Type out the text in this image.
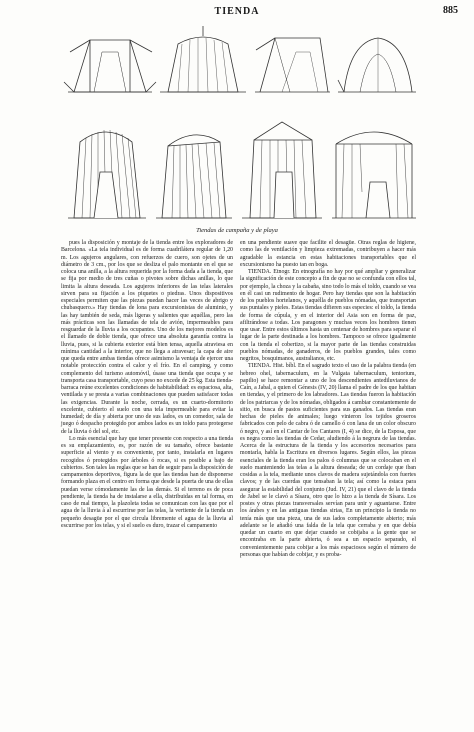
TIENDA	885
Tiendas de campaña y de playa

pues la disposición y montaje de la tienda entre los exploradores de Barcelona. «La tela individual es de forma cuadrilátera regular de 1,20 m. Los agujeros angulares, con refuerzos de cuero, son ojetes de un diámetro de 3 cm., por los que se desliza el palo montante en el que se coloca una anilla, a la altura requerida por la forma dada a la tienda, que se fija por medio de tres cuñas o pivotes sobre dichas anillas, lo que limita la altura deseada. Los agujeros inferiores de las telas laterales sirven para su fijación a los piquetes o piedras. Unos dispositivos especiales permiten que las piezas puedan hacer las veces de abrigo y chubasquero.» Hay tiendas de lona para excursionistas de aluminio, y las hay también de seda, más ligeras y salientes que aquéllas, pero las más prácticas son las llamadas de tela de avión, impermeables para resguardar de la lluvia a los ocupantes. Uno de los mejores modelos es el llamado de doble tienda, que ofrece una absoluta garantía contra la lluvia, pues, si la cubierta exterior está bien tensa, aquella atraviesa en mínima cantidad a la interior, que no llega a atravesar; la capa de aire que queda entre ambas tiendas ofrece asimismo la ventaja de ejercer una notable protección contra el calor y el frío. En el camping, y como complemento del turismo automóvil, úsase una tienda que ocupa y se transporta casa transportable, cuyo peso no excede de 25 kg. Esta tienda-barraca reúne excelentes condiciones de habitabilidad: es espaciosa, alta, ventilada y se presta a varias combinaciones que pueden satisfacer todas las exigencias. Durante la noche, cerrada, es un cuarto-dormitorio excelente, cubierto el suelo con una tela impermeable para evitar la humedad; de día y abierta por uno de sus lados, es un comedor, sala de juego ó despacho protegido por ambos lados es un toldo para protegerse de la lluvia ó del sol, etc.

Lo más esencial que hay que tener presente con respecto a una tienda es su emplazamiento, es, por razón de su tamaño, ofrece bastante superficie al viento y es conveniente, por tanto, instalarla en lugares recogidos ó protegidos por árboles ó rocas, si es posible a bajo de cubiertos. Son tales las reglas que se han de seguir para la disposición de campamentos deportivos, figura la de que las tiendas han de disponerse formando plaza en el centro en forma que desde la puerta de una de ellas puedan verse cómodamente las de las demás. Si el terreno es de poca pendiente, la tienda ha de instalarse a ella, distribuidas en tal forma, en caso de mal tiempo, la plazoleta todas se comunican con las que por el agua de la lluvia á al escurrirse por las telas, la vertiente de la tienda un pequeño desagüe por el que circula libremente el agua de la lluvia al escurrirse por los telas, y si el suelo es duro, trazar el campamento

en una pendiente suave que facilite el desagüe. Otras reglas de higiene, como las de ventilación y limpieza extremadas, contribuyen a hacer más agradable la estancia en estas habitaciones transportables que el excursionismo ha puesto tan en boga.

TIENDA. Etnogr. En etnografía no hay por qué ampliar y generalizar la significación de este concepto a fin de que no se confunda con ellos tal, por ejemplo, la choza y la cabaña, sino todo lo más el toldo, cuando se vea en él casi un rudimento de hogar. Pero hay tiendas que son la habitación de los pueblos hortelanos, y aquélla de pueblos nómadas, que transportan sus puntales y pieles. Estas tiendas difieren sus especies: el toldo, la tienda de forma de cúpula, y en el interior del Asia son en forma de paz, afiltrándose a todas. Los paragones y muchas veces los hombres tienen que usar. Entre estos últimos hasta un centenar de hombres para separar el lugar de la parte destinada a los hombres. Tampoco se ofrece igualmente con la tienda el cobertizo, si la mayor parte de las tiendas construidas pueblos nómadas, de ganaderos, de los pueblos grandes, tales como negritos, bosquimanos, australianos, etc.

TIENDA. Hist. bíbl. En el sagrado texto el uso de la palabra tienda (en hebreo ohel, tabernaculum, en la Vulgata tabernaculum, tentorium, papilio) se hace remontar a uno de los descendientes antediluvianos de Caín, a Jabal, a quien el Génesis (IV, 20) llama el padre de los que habitan en tiendas, y el primero de los labradores. Las tiendas fueron la habitación de los patriarcas y de los nómadas, obligados á cambiar constantemente de sitio, en busca de pastos suficientes para sus ganados. Las tiendas eran hechas de pieles de animales; luego vinieron los tejidos groseros fabricados con pelo de cabra ó de camello ó con lana de un color obscuro ó negro, y así en el Cantar de los Cantares (I, 4) se dice, de la Esposa, que es negra como las tiendas de Cedar, aludiendo á la negrura de las tiendas. Acerca de la estructura de la tienda y los accesorios necesarios para montarla, habla la Escritura en diversos lugares. Según ellos, las piezas esenciales de la tienda eran los palos ó columnas que se colocaban en el suelo manteniendo las telas a la altura deseada; de un cordaje que iban cosidas a la tela, mediante unos clavos de madera sujetándola con fuertes clavos; y de las cuerdas que tensaban la tela; así como la estaca para asegurar la estabilidad del conjunto (Jud. IV, 21) que el clavo de la tienda de Jabel se le clavó a Sísara, otro que lo hizo a la tienda de Sísara. Los postes y otras piezas transversales servían para unir y aguantarse. Entre los árabes y en las antiguas tiendas sirias, En un principio la tienda no tenía más que una pieza, una de sus lados completamente abierto; más adelante se le añadió una falda de la tela que cerraba y en que debía quedar un cuarto en que dejar cuando se cobijaba a la gente que se encontraba en la parte abierta, ó sea a un espacio separado, el convenientemente para cobijar a los más espaciosos según el número de personas que habían de cobijar, y es proba-
